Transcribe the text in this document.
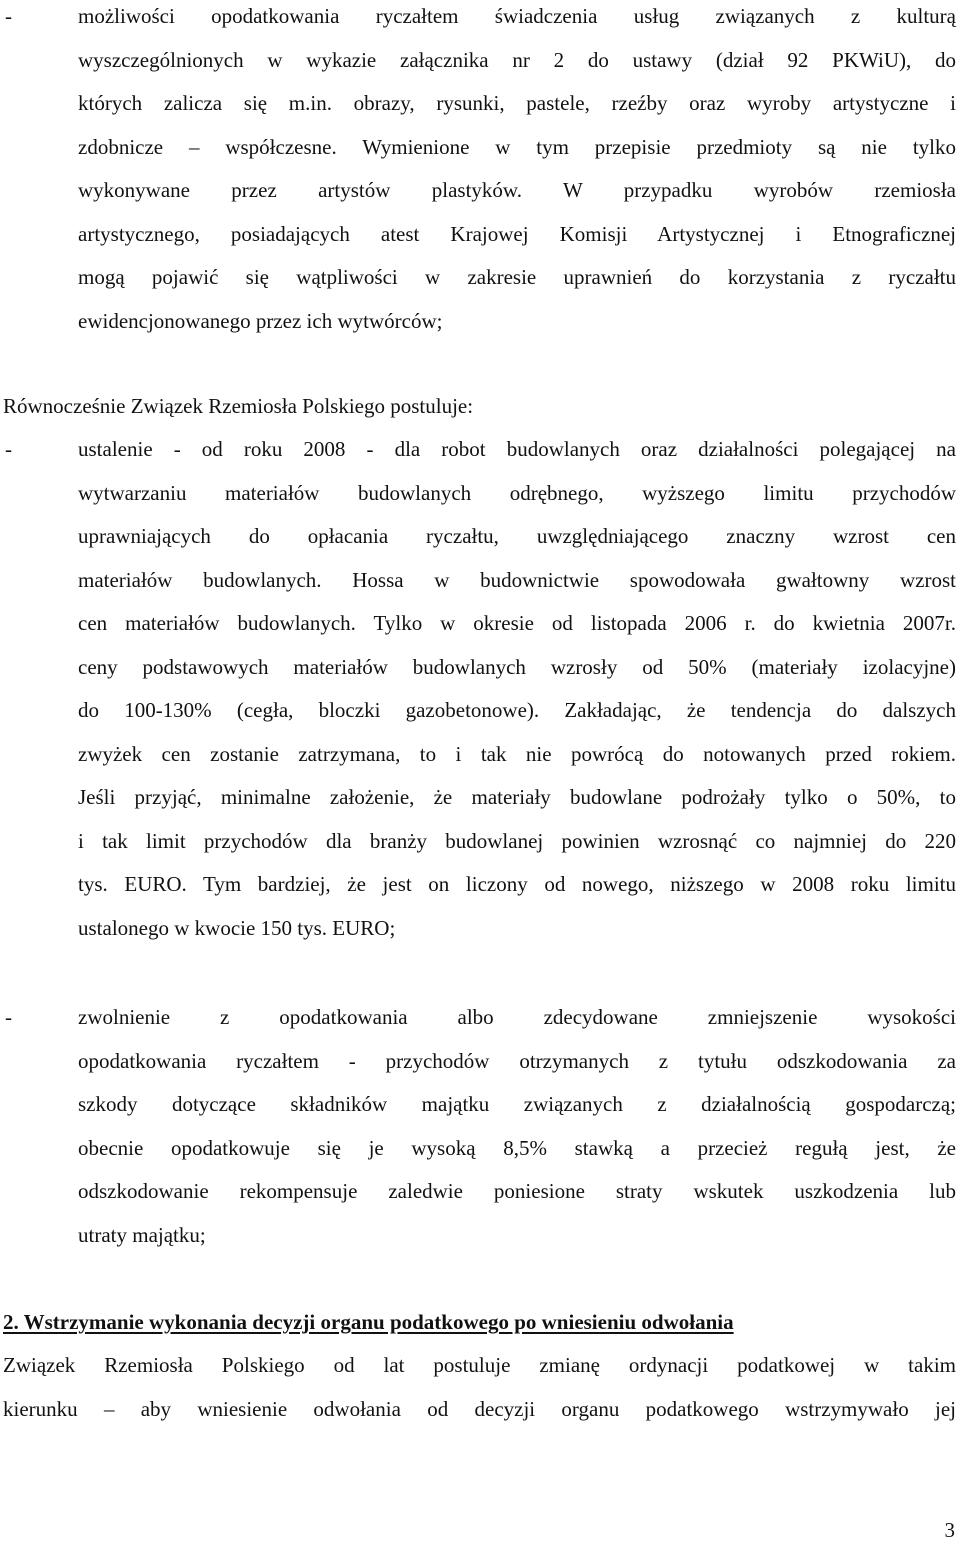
-	możliwości opodatkowania ryczałtem świadczenia usług związanych z kulturą
wyszczególnionych w wykazie załącznika nr 2 do ustawy (dział 92 PKWiU), do
których zalicza się m.in. obrazy, rysunki, pastele, rzeźby oraz wyroby artystyczne i
zdobnicze – współczesne. Wymienione w tym przepisie przedmioty są nie tylko
wykonywane przez artystów plastyków. W przypadku wyrobów rzemiosła
artystycznego, posiadających atest Krajowej Komisji Artystycznej i Etnograficznej
mogą pojawić się wątpliwości w zakresie uprawnień do korzystania z ryczałtu
ewidencjonowanego przez ich wytwórców;
Równocześnie Związek Rzemiosła Polskiego postuluje:
-	ustalenie - od roku 2008 - dla robot budowlanych oraz działalności polegającej na
wytwarzaniu materiałów budowlanych odrębnego, wyższego limitu przychodów
uprawniających do opłacania ryczałtu, uwzględniającego znaczny wzrost cen
materiałów budowlanych. Hossa w budownictwie spowodowała gwałtowny wzrost
cen materiałów budowlanych. Tylko w okresie od listopada 2006 r. do kwietnia 2007r.
ceny podstawowych materiałów budowlanych wzrosły od 50% (materiały izolacyjne)
do 100-130% (cegła, bloczki gazobetonowe). Zakładając, że tendencja do dalszych
zwyżek cen zostanie zatrzymana, to i tak nie powrócą do notowanych przed rokiem.
Jeśli przyjąć, minimalne założenie, że materiały budowlane podrożały tylko o 50%, to
i tak limit przychodów dla branży budowlanej powinien wzrosnąć co najmniej do 220
tys. EURO. Tym bardziej, że jest on liczony od nowego, niższego w 2008 roku limitu
ustalonego w kwocie 150 tys. EURO;
-	zwolnienie z opodatkowania albo zdecydowane zmniejszenie wysokości
opodatkowania ryczałtem - przychodów otrzymanych z tytułu odszkodowania za
szkody dotyczące składników majątku związanych z działalnością gospodarczą;
obecnie opodatkowuje się je wysoką 8,5% stawką a przecież regułą jest, że
odszkodowanie rekompensuje zaledwie poniesione straty wskutek uszkodzenia lub
utraty majątku;
2. Wstrzymanie wykonania decyzji organu podatkowego po wniesieniu odwołania
Związek Rzemiosła Polskiego od lat postuluje zmianę ordynacji podatkowej w takim
kierunku – aby wniesienie odwołania od decyzji organu podatkowego wstrzymywało jej
3
